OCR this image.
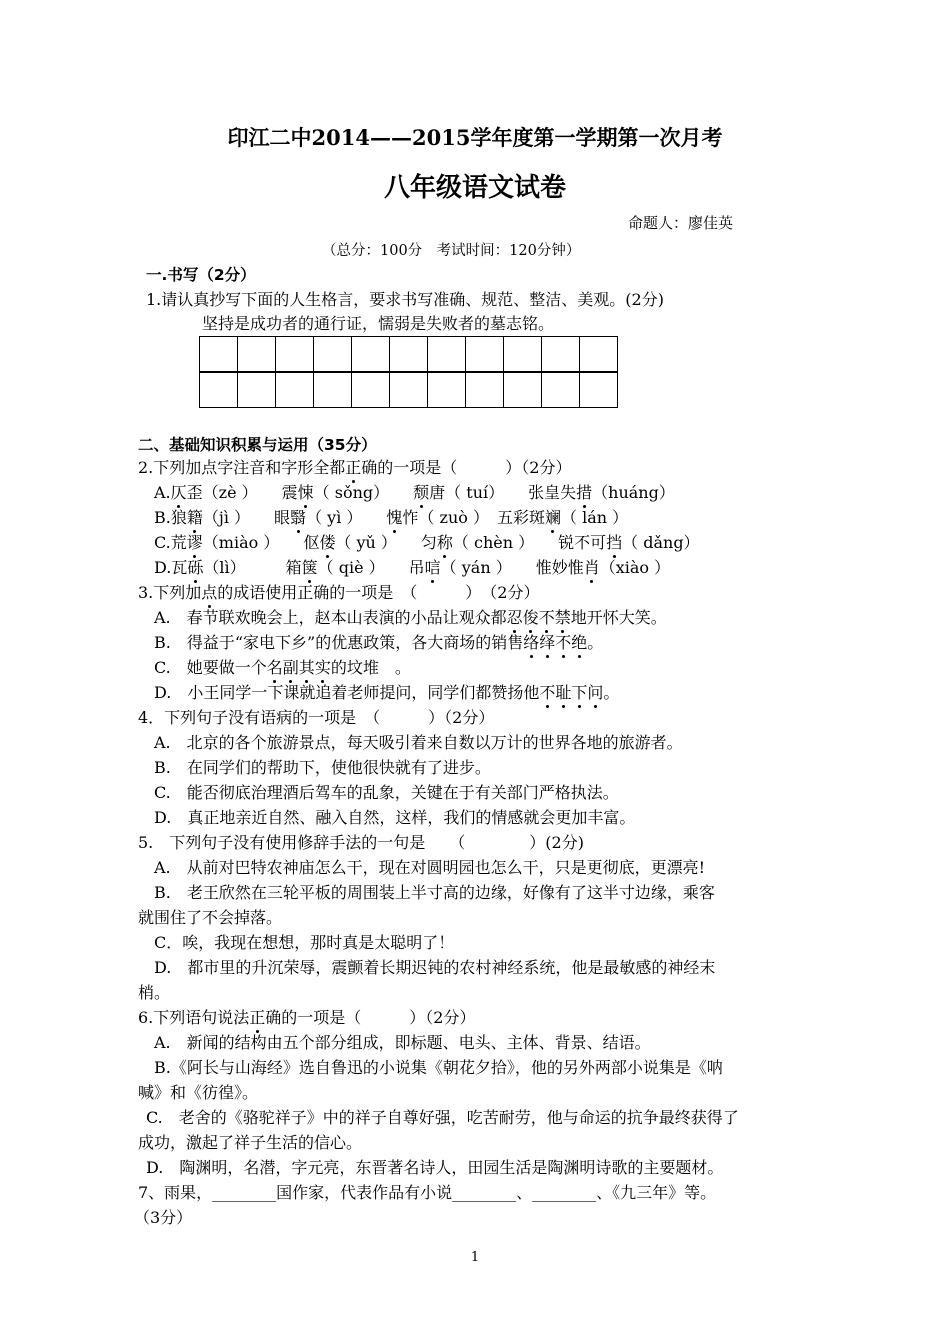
印江二中2014——2015学年度第一学期第一次月考
八年级语文试卷
命题人：廖佳英
（总分：100分　考试时间：120分钟）
一.书写（2分）
1.请认真抄写下面的人生格言，要求书写准确、规范、整洁、美观。(2分)
坚持是成功者的通行证，懦弱是失败者的墓志铭。
二、基础知识积累与运用（35分）
2.下列加点字注音和字形全都正确的一项是（　　　）（2分）
A.仄歪（zè ）　　震悚（ sǒng）　　颓唐（ tuí）　　张皇失措（huáng）
B.狼籍（jì ）　　眼翳（ yì ）　　愧怍（ zuò ）　五彩斑斓（ lán ）
C.荒谬（miào ）　　伛偻（ yǔ ）　　匀称（ chèn ）　　锐不可挡（ dǎng）
D.瓦砾（lì）　　　箱箧（ qiè ）　　吊唁（ yán ）　　惟妙惟肖（xiào ）
3.下列加点的成语使用正确的一项是　（　　　）　（2分）
A.　春节联欢晚会上，赵本山表演的小品让观众都忍俊不禁地开怀大笑。
B.　得益于“家电下乡”的优惠政策，各大商场的销售络绎不绝。
C.　她要做一个名副其实的坟堆　。
D.　小王同学一下课就追着老师提问，同学们都赞扬他不耻下问。
4．下列句子没有语病的一项是　（　　　）（2分）
A.　北京的各个旅游景点，每天吸引着来自数以万计的世界各地的旅游者。
B.　在同学们的帮助下，使他很快就有了进步。
C.　能否彻底治理酒后驾车的乱象，关键在于有关部门严格执法。
D.　真正地亲近自然、融入自然，这样，我们的情感就会更加丰富。
5.　下列句子没有使用修辞手法的一句是　　（　　　　）(2分)
A.　从前对巴特农神庙怎么干，现在对圆明园也怎么干，只是更彻底，更漂亮!
B.　老王欣然在三轮平板的周围装上半寸高的边缘，好像有了这半寸边缘，乘客
就围住了不会掉落。
C．唉，我现在想想，那时真是太聪明了！
D.　都市里的升沉荣辱，震颤着长期迟钝的农村神经系统，他是最敏感的神经末
梢。
6.下列语句说法正确的一项是（　　　）（2分）
A.　新闻的结构由五个部分组成，即标题、电头、主体、背景、结语。
B.《阿长与山海经》选自鲁迅的小说集《朝花夕拾》，他的另外两部小说集是《呐
喊》和《彷徨》。
C.　老舍的《骆驼祥子》中的祥子自尊好强，吃苦耐劳，他与命运的抗争最终获得了
成功，激起了祥子生活的信心。
D.　陶渊明，名潜，字元亮，东晋著名诗人，田园生活是陶渊明诗歌的主要题材。
7、雨果，________国作家，代表作品有小说________、________、《九三年》等。
（3分）
1
